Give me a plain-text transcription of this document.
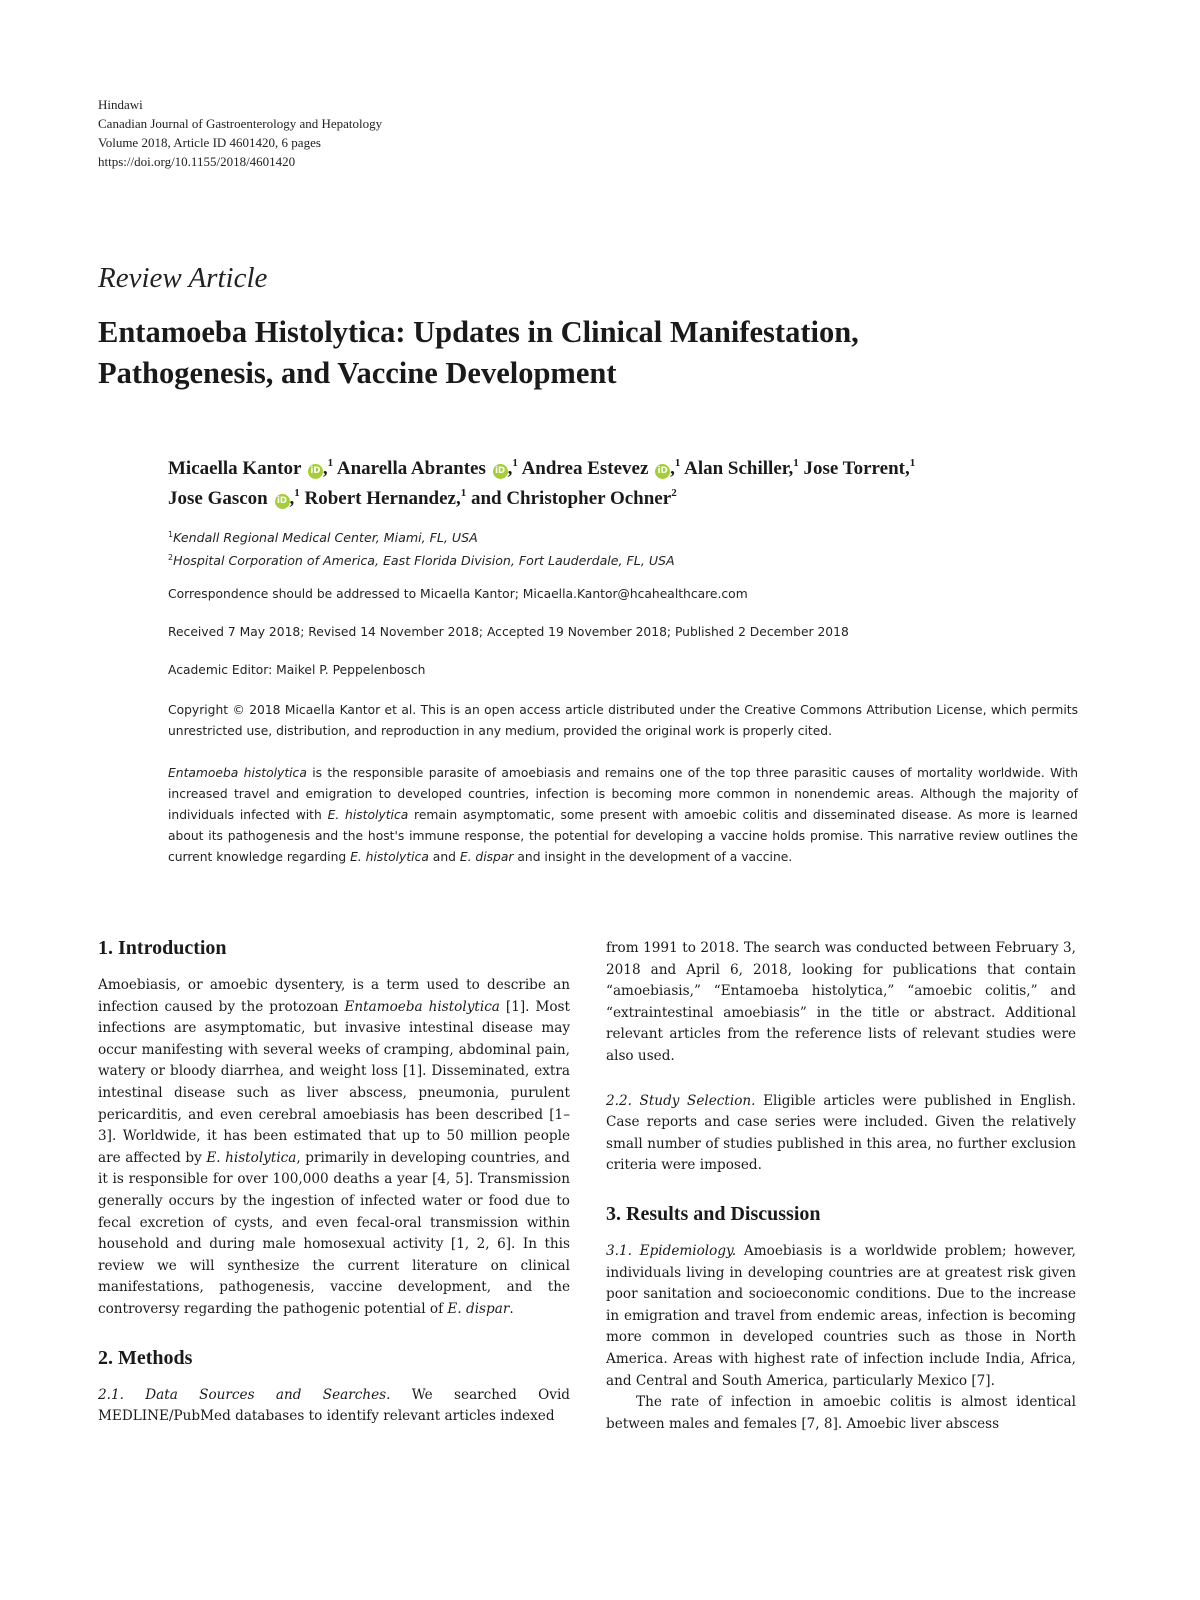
Hindawi
Canadian Journal of Gastroenterology and Hepatology
Volume 2018, Article ID 4601420, 6 pages
https://doi.org/10.1155/2018/4601420
Review Article
Entamoeba Histolytica: Updates in Clinical Manifestation,
Pathogenesis, and Vaccine Development
Micaella Kantor iD ,$^1$ Anarella Abrantes iD ,$^1$ Andrea Estevez iD ,$^1$ Alan Schiller,$^1$ Jose Torrent,$^1$
Jose Gascon iD ,$^1$ Robert Hernandez,$^1$ and Christopher Ochner$^2$
$^1$Kendall Regional Medical Center, Miami, FL, USA
$^2$Hospital Corporation of America, East Florida Division, Fort Lauderdale, FL, USA
Correspondence should be addressed to Micaella Kantor; Micaella.Kantor@hcahealthcare.com
Received 7 May 2018; Revised 14 November 2018; Accepted 19 November 2018; Published 2 December 2018
Academic Editor: Maikel P. Peppelenbosch
Copyright © 2018 Micaella Kantor et al. This is an open access article distributed under the Creative Commons Attribution License, which permits unrestricted use, distribution, and reproduction in any medium, provided the original work is properly cited.
Entamoeba histolytica is the responsible parasite of amoebiasis and remains one of the top three parasitic causes of mortality worldwide. With increased travel and emigration to developed countries, infection is becoming more common in nonendemic areas. Although the majority of individuals infected with E. histolytica remain asymptomatic, some present with amoebic colitis and disseminated disease. As more is learned about its pathogenesis and the host's immune response, the potential for developing a vaccine holds promise. This narrative review outlines the current knowledge regarding E. histolytica and E. dispar and insight in the development of a vaccine.
1. Introduction

Amoebiasis, or amoebic dysentery, is a term used to describe an infection caused by the protozoan Entamoeba histolytica [1]. Most infections are asymptomatic, but invasive intestinal disease may occur manifesting with several weeks of cramping, abdominal pain, watery or bloody diarrhea, and weight loss [1]. Disseminated, extra intestinal disease such as liver abscess, pneumonia, purulent pericarditis, and even cerebral amoebiasis has been described [1–3]. Worldwide, it has been estimated that up to 50 million people are affected by E. histolytica, primarily in developing countries, and it is responsible for over 100,000 deaths a year [4, 5]. Transmission generally occurs by the ingestion of infected water or food due to fecal excretion of cysts, and even fecal-oral transmission within household and during male homosexual activity [1, 2, 6]. In this review we will synthesize the current literature on clinical manifestations, pathogenesis, vaccine development, and the controversy regarding the pathogenic potential of E. dispar.

2. Methods

2.1. Data Sources and Searches. We searched Ovid MEDLINE/PubMed databases to identify relevant articles indexed

from 1991 to 2018. The search was conducted between February 3, 2018 and April 6, 2018, looking for publications that contain “amoebiasis,” “Entamoeba histolytica,” “amoebic colitis,” and “extraintestinal amoebiasis” in the title or abstract. Additional relevant articles from the reference lists of relevant studies were also used.

2.2. Study Selection. Eligible articles were published in English. Case reports and case series were included. Given the relatively small number of studies published in this area, no further exclusion criteria were imposed.

3. Results and Discussion

3.1. Epidemiology. Amoebiasis is a worldwide problem; however, individuals living in developing countries are at greatest risk given poor sanitation and socioeconomic conditions. Due to the increase in emigration and travel from endemic areas, infection is becoming more common in developed countries such as those in North America. Areas with highest rate of infection include India, Africa, and Central and South America, particularly Mexico [7].

The rate of infection in amoebic colitis is almost identical between males and females [7, 8]. Amoebic liver abscess
